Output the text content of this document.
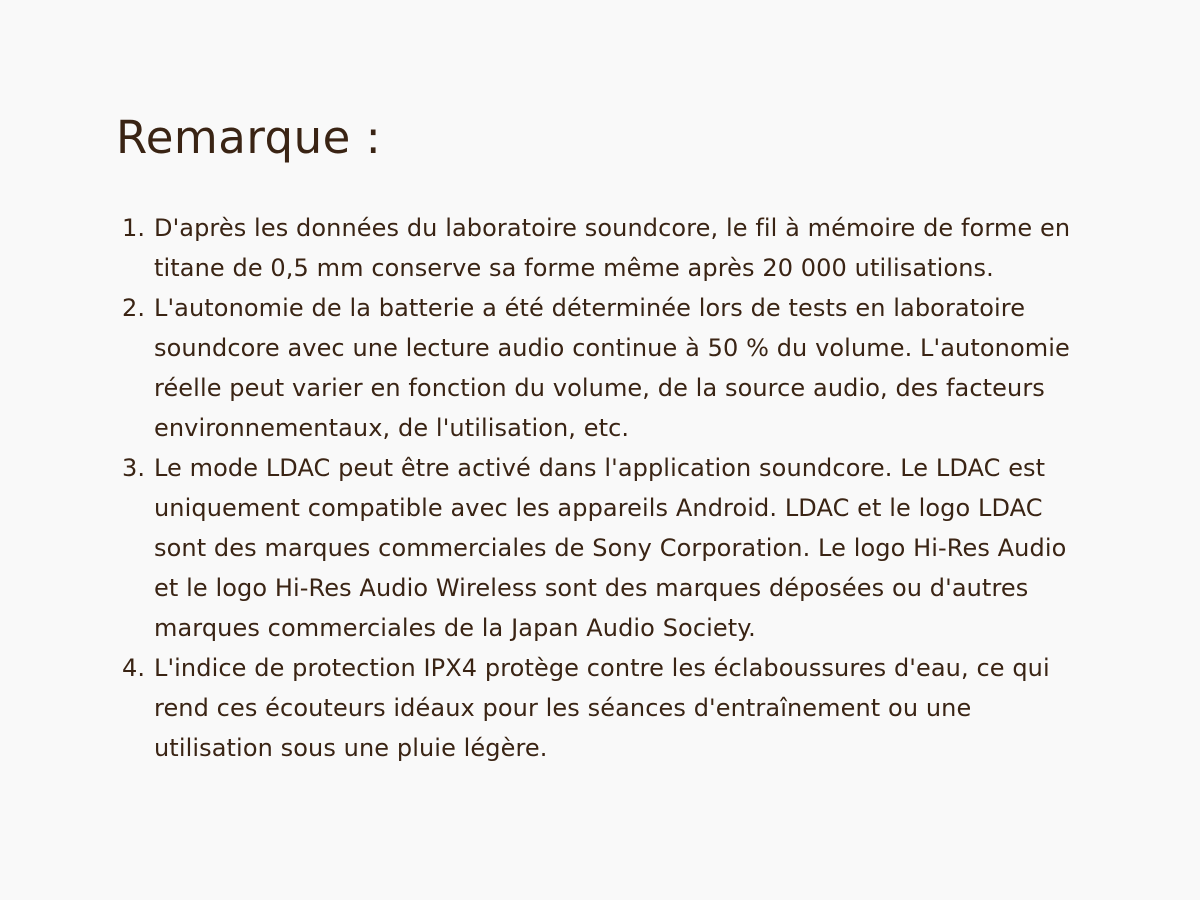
Remarque :
1. D'après les données du laboratoire soundcore, le fil à mémoire de forme en titane de 0,5 mm conserve sa forme même après 20 000 utilisations.
2. L'autonomie de la batterie a été déterminée lors de tests en laboratoire soundcore avec une lecture audio continue à 50 % du volume. L'autonomie réelle peut varier en fonction du volume, de la source audio, des facteurs environnementaux, de l'utilisation, etc.
3. Le mode LDAC peut être activé dans l'application soundcore. Le LDAC est uniquement compatible avec les appareils Android. LDAC et le logo LDAC sont des marques commerciales de Sony Corporation. Le logo Hi-Res Audio et le logo Hi-Res Audio Wireless sont des marques déposées ou d'autres marques commerciales de la Japan Audio Society.
4. L'indice de protection IPX4 protège contre les éclaboussures d'eau, ce qui rend ces écouteurs idéaux pour les séances d'entraînement ou une utilisation sous une pluie légère.
